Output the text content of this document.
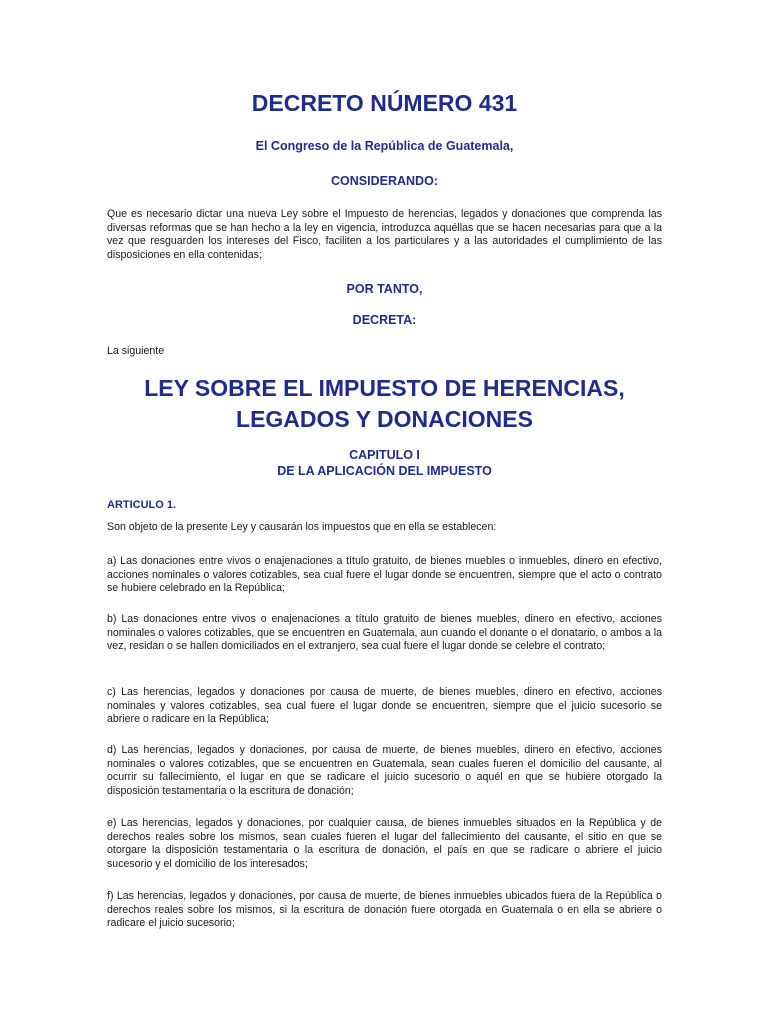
DECRETO NÚMERO 431
El Congreso de la República de Guatemala,
CONSIDERANDO:
Que es necesario dictar una nueva Ley sobre el Impuesto de herencias, legados y donaciones que comprenda las diversas reformas que se han hecho a la ley en vigencia, introduzca aquéllas que se hacen necesarias para que a la vez que resguarden los intereses del Fisco, faciliten a los particulares y a las autoridades el cumplimiento de las disposiciones en ella contenidas;
POR TANTO,
DECRETA:
La siguiente
LEY SOBRE EL IMPUESTO DE HERENCIAS,
LEGADOS Y DONACIONES
CAPITULO I
DE LA APLICACIÓN DEL IMPUESTO
ARTICULO 1.
Son objeto de la presente Ley y causarán los impuestos que en ella se establecen:
a) Las donaciones entre vivos o enajenaciones a título gratuito, de bienes muebles o inmuebles, dinero en efectivo, acciones nominales o valores cotizables, sea cual fuere el lugar donde se encuentren, siempre que el acto o contrato se hubiere celebrado en la República;
b) Las donaciones entre vivos o enajenaciones a título gratuito de bienes muebles, dinero en efectivo, acciones nominales o valores cotizables, que se encuentren en Guatemala, aun cuando el donante o el donatario, o ambos a la vez, residan o se hallen domiciliados en el extranjero, sea cual fuere el lugar donde se celebre el contrato;
c) Las herencias, legados y donaciones por causa de muerte, de bienes muebles, dinero en efectivo, acciones nominales y valores cotizables, sea cual fuere el lugar donde se encuentren, siempre que el juicio sucesorio se abriere o radicare en la República;
d) Las herencias, legados y donaciones, por causa de muerte, de bienes muebles, dinero en efectivo, acciones nominales o valores cotizables, que se encuentren en Guatemala, sean cuales fueren el domicilio del causante, al ocurrir su fallecimiento, el lugar en que se radicare el juicio sucesorio o aquél en que se hubiere otorgado la disposición testamentaria o la escritura de donación;
e) Las herencias, legados y donaciones, por cualquier causa, de bienes inmuebles situados en la República y de derechos reales sobre los mismos, sean cuales fueren el lugar del fallecimiento del causante, el sitio en que se otorgare la disposición testamentaria o la escritura de donación, el país en que se radicare o abriere el juicio sucesorio y el domicilio de los interesados;
f) Las herencias, legados y donaciones, por causa de muerte, de bienes inmuebles ubicados fuera de la República o derechos reales sobre los mismos, si la escritura de donación fuere otorgada en Guatemala o en ella se abriere o radicare el juicio sucesorio;
